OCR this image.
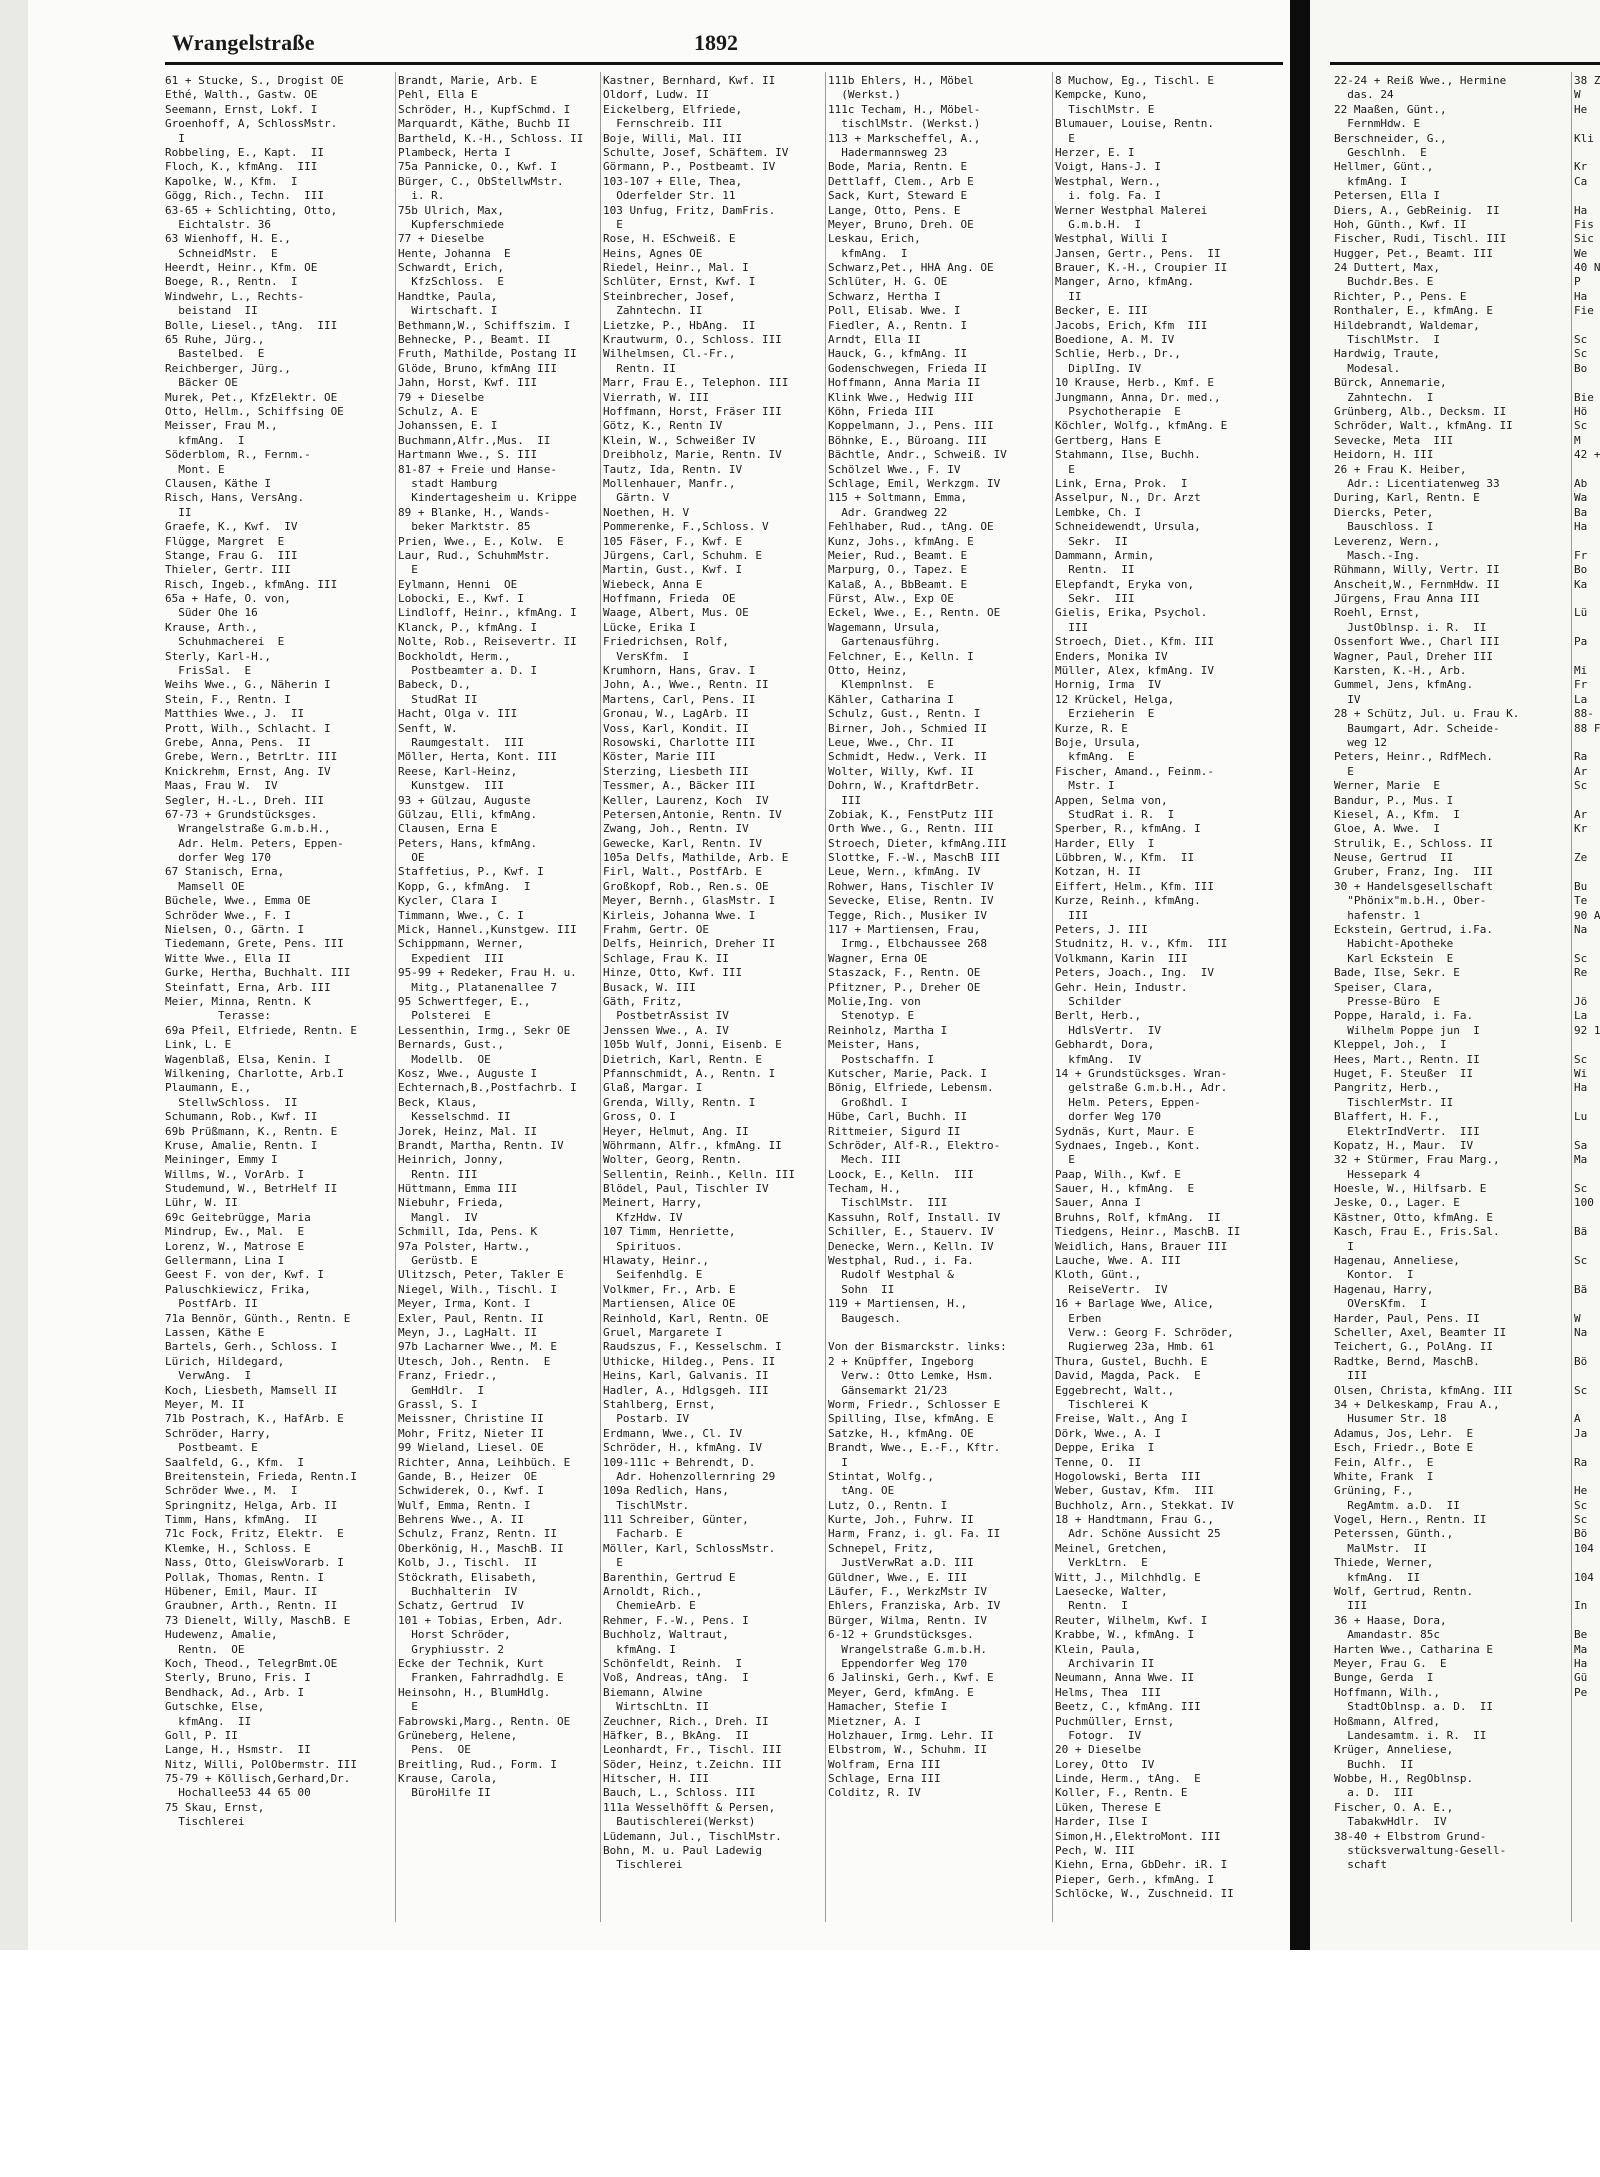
Wrangelstraße	1892
61 + Stucke, S., Drogist OE
Ethé, Walth., Gastw. OE
Seemann, Ernst, Lokf. I
Groenhoff, A, SchlossMstr.
I
Robbeling, E., Kapt.  II
Floch, K., kfmAng.  III
Kapolke, W., Kfm.  I
Gögg, Rich., Techn.  III
63-65 + Schlichting, Otto,
Eichtalstr. 36
63 Wienhoff, H. E.,
SchneidMstr.  E
Heerdt, Heinr., Kfm. OE
Boege, R., Rentn.  I
Windwehr, L., Rechts-
beistand  II
Bolle, Liesel., tAng.  III
65 Ruhe, Jürg.,
Bastelbed.  E
Reichberger, Jürg.,
Bäcker OE
Murek, Pet., KfzElektr. OE
Otto, Hellm., Schiffsing OE
Meisser, Frau M.,
kfmAng.  I
Söderblom, R., Fernm.-
Mont. E
Clausen, Käthe I
Risch, Hans, VersAng.
II
Graefe, K., Kwf.  IV
Flügge, Margret  E
Stange, Frau G.  III
Thieler, Gertr. III
Risch, Ingeb., kfmAng. III
65a + Hafe, O. von,
Süder Ohe 16
Krause, Arth.,
Schuhmacherei  E
Sterly, Karl-H.,
FrisSal.  E
Weihs Wwe., G., Näherin I
Stein, F., Rentn. I
Matthies Wwe., J.  II
Prott, Wilh., Schlacht. I
Grebe, Anna, Pens.  II
Grebe, Wern., BetrLtr. III
Knickrehm, Ernst, Ang. IV
Maas, Frau W.  IV
Segler, H.-L., Dreh. III
67-73 + Grundstücksges.
Wrangelstraße G.m.b.H.,
Adr. Helm. Peters, Eppen-
dorfer Weg 170
67 Stanisch, Erna,
Mamsell OE
Büchele, Wwe., Emma OE
Schröder Wwe., F. I
Nielsen, O., Gärtn. I
Tiedemann, Grete, Pens. III
Witte Wwe., Ella II
Gurke, Hertha, Buchhalt. III
Steinfatt, Erna, Arb. III
Meier, Minna, Rentn. K
Terasse:
69a Pfeil, Elfriede, Rentn. E
Link, L. E
Wagenblaß, Elsa, Kenin. I
Wilkening, Charlotte, Arb.I
Plaumann, E.,
StellwSchloss.  II
Schumann, Rob., Kwf. II
69b Prüßmann, K., Rentn. E
Kruse, Amalie, Rentn. I
Meininger, Emmy I
Willms, W., VorArb. I
Studemund, W., BetrHelf II
Lühr, W. II
69c Geitebrügge, Maria
Mindrup, Ew., Mal.  E
Lorenz, W., Matrose E
Gellermann, Lina I
Geest F. von der, Kwf. I
Paluschkiewicz, Frika,
PostfArb. II
71a Bennör, Günth., Rentn. E
Lassen, Käthe E
Bartels, Gerh., Schloss. I
Lürich, Hildegard,
VerwAng.  I
Koch, Liesbeth, Mamsell II
Meyer, M. II
71b Postrach, K., HafArb. E
Schröder, Harry,
Postbeamt. E
Saalfeld, G., Kfm.  I
Breitenstein, Frieda, Rentn.I
Schröder Wwe., M.  I
Springnitz, Helga, Arb. II
Timm, Hans, kfmAng.  II
71c Fock, Fritz, Elektr.  E
Klemke, H., Schloss. E
Nass, Otto, GleiswVorarb. I
Pollak, Thomas, Rentn. I
Hübener, Emil, Maur. II
Graubner, Arth., Rentn. II
73 Dienelt, Willy, MaschB. E
Hudewenz, Amalie,
Rentn.  OE
Koch, Theod., TelegrBmt.OE
Sterly, Bruno, Fris. I
Bendhack, Ad., Arb. I
Gutschke, Else,
kfmAng.  II
Goll, P. II
Lange, H., Hsmstr.  II
Nitz, Willi, PolObermstr. III
75-79 + Köllisch,Gerhard,Dr.
Hochallee53 44 65 00
75 Skau, Ernst,
Tischlerei
Brandt, Marie, Arb. E
Pehl, Ella E
Schröder, H., KupfSchmd. I
Marquardt, Käthe, Buchb II
Bartheld, K.-H., Schloss. II
Plambeck, Herta I
75a Pannicke, O., Kwf. I
Bürger, C., ObStellwMstr.
i. R.
75b Ulrich, Max,
Kupferschmiede
77 + Dieselbe
Hente, Johanna  E
Schwardt, Erich,
KfzSchloss.  E
Handtke, Paula,
Wirtschaft. I
Bethmann,W., Schiffszim. I
Behnecke, P., Beamt. II
Fruth, Mathilde, Postang II
Glöde, Bruno, kfmAng III
Jahn, Horst, Kwf. III
79 + Dieselbe
Schulz, A. E
Johanssen, E. I
Buchmann,Alfr.,Mus.  II
Hartmann Wwe., S. III
81-87 + Freie und Hanse-
stadt Hamburg
Kindertagesheim u. Krippe
89 + Blanke, H., Wands-
beker Marktstr. 85
Prien, Wwe., E., Kolw.  E
Laur, Rud., SchuhmMstr.
E
Eylmann, Henni  OE
Lobocki, E., Kwf. I
Lindloff, Heinr., kfmAng. I
Klanck, P., kfmAng. I
Nolte, Rob., Reisevertr. II
Bockholdt, Herm.,
Postbeamter a. D. I
Babeck, D.,
StudRat II
Hacht, Olga v. III
Senft, W.
Raumgestalt.  III
Möller, Herta, Kont. III
Reese, Karl-Heinz,
Kunstgew.  III
93 + Gülzau, Auguste
Gülzau, Elli, kfmAng.
Clausen, Erna E
Peters, Hans, kfmAng.
OE
Staffetius, P., Kwf. I
Kopp, G., kfmAng.  I
Kycler, Clara I
Timmann, Wwe., C. I
Mick, Hannel.,Kunstgew. III
Schippmann, Werner,
Expedient  III
95-99 + Redeker, Frau H. u.
Mitg., Platanenallee 7
95 Schwertfeger, E.,
Polsterei  E
Lessenthin, Irmg., Sekr OE
Bernards, Gust.,
Modellb.  OE
Kosz, Wwe., Auguste I
Echternach,B.,Postfachrb. I
Beck, Klaus,
Kesselschmd. II
Jorek, Heinz, Mal. II
Brandt, Martha, Rentn. IV
Heinrich, Jonny,
Rentn. III
Hüttmann, Emma III
Niebuhr, Frieda,
Mangl.  IV
Schmill, Ida, Pens. K
97a Polster, Hartw.,
Gerüstb. E
Ulitzsch, Peter, Takler E
Niegel, Wilh., Tischl. I
Meyer, Irma, Kont. I
Exler, Paul, Rentn. II
Meyn, J., LagHalt. II
97b Lacharner Wwe., M. E
Utesch, Joh., Rentn.  E
Franz, Friedr.,
GemHdlr.  I
Grassl, S. I
Meissner, Christine II
Mohr, Fritz, Nieter II
99 Wieland, Liesel. OE
Richter, Anna, Leihbüch. E
Gande, B., Heizer  OE
Schwiderek, O., Kwf. I
Wulf, Emma, Rentn. I
Behrens Wwe., A. II
Schulz, Franz, Rentn. II
Oberkönig, H., MaschB. II
Kolb, J., Tischl.  II
Stöckrath, Elisabeth,
Buchhalterin  IV
Schatz, Gertrud  IV
101 + Tobias, Erben, Adr.
Horst Schröder,
Gryphiusstr. 2
Ecke der Technik, Kurt
Franken, Fahrradhdlg. E
Heinsohn, H., BlumHdlg.
E
Fabrowski,Marg., Rentn. OE
Grüneberg, Helene,
Pens.  OE
Breitling, Rud., Form. I
Krause, Carola,
BüroHilfe II
Kastner, Bernhard, Kwf. II
Oldorf, Ludw. II
Eickelberg, Elfriede,
Fernschreib. III
Boje, Willi, Mal. III
Schulte, Josef, Schäftem. IV
Görmann, P., Postbeamt. IV
103-107 + Elle, Thea,
Oderfelder Str. 11
103 Unfug, Fritz, DamFris.
E
Rose, H. ESchweiß. E
Heins, Agnes OE
Riedel, Heinr., Mal. I
Schlüter, Ernst, Kwf. I
Steinbrecher, Josef,
Zahntechn. II
Lietzke, P., HbAng.  II
Krautwurm, O., Schloss. III
Wilhelmsen, Cl.-Fr.,
Rentn. II
Marr, Frau E., Telephon. III
Vierrath, W. III
Hoffmann, Horst, Fräser III
Götz, K., Rentn IV
Klein, W., Schweißer IV
Dreibholz, Marie, Rentn. IV
Tautz, Ida, Rentn. IV
Mollenhauer, Manfr.,
Gärtn. V
Noethen, H. V
Pommerenke, F.,Schloss. V
105 Fäser, F., Kwf. E
Jürgens, Carl, Schuhm. E
Martin, Gust., Kwf. I
Wiebeck, Anna E
Hoffmann, Frieda  OE
Waage, Albert, Mus. OE
Lücke, Erika I
Friedrichsen, Rolf,
VersKfm.  I
Krumhorn, Hans, Grav. I
John, A., Wwe., Rentn. II
Martens, Carl, Pens. II
Gronau, W., LagArb. II
Voss, Karl, Kondit. II
Rosowski, Charlotte III
Köster, Marie III
Sterzing, Liesbeth III
Tessmer, A., Bäcker III
Keller, Laurenz, Koch  IV
Petersen,Antonie, Rentn. IV
Zwang, Joh., Rentn. IV
Gewecke, Karl, Rentn. IV
105a Delfs, Mathilde, Arb. E
Firl, Walt., PostfArb. E
Großkopf, Rob., Ren.s. OE
Meyer, Bernh., GlasMstr. I
Kirleis, Johanna Wwe. I
Frahm, Gertr. OE
Delfs, Heinrich, Dreher II
Schlage, Frau K. II
Hinze, Otto, Kwf. III
Busack, W. III
Gäth, Fritz,
PostbetrAssist IV
Jenssen Wwe., A. IV
105b Wulf, Jonni, Eisenb. E
Dietrich, Karl, Rentn. E
Pfannschmidt, A., Rentn. I
Glaß, Margar. I
Grenda, Willy, Rentn. I
Gross, O. I
Heyer, Helmut, Ang. II
Wöhrmann, Alfr., kfmAng. II
Wolter, Georg, Rentn.
Sellentin, Reinh., Kelln. III
Blödel, Paul, Tischler IV
Meinert, Harry,
KfzHdw. IV
107 Timm, Henriette,
Spirituos.
Hlawaty, Heinr.,
Seifenhdlg. E
Volkmer, Fr., Arb. E
Martiensen, Alice OE
Reinhold, Karl, Rentn. OE
Gruel, Margarete I
Raudszus, F., Kesselschm. I
Uthicke, Hildeg., Pens. II
Heins, Karl, Galvanis. II
Hadler, A., Hdlgsgeh. III
Stahlberg, Ernst,
Postarb. IV
Erdmann, Wwe., Cl. IV
Schröder, H., kfmAng. IV
109-111c + Behrendt, D.
Adr. Hohenzollernring 29
109a Redlich, Hans,
TischlMstr.
111 Schreiber, Günter,
Facharb. E
Möller, Karl, SchlossMstr.
E
Barenthin, Gertrud E
Arnoldt, Rich.,
ChemieArb. E
Rehmer, F.-W., Pens. I
Buchholz, Waltraut,
kfmAng. I
Schönfeldt, Reinh.  I
Voß, Andreas, tAng.  I
Biemann, Alwine
WirtschLtn. II
Zeuchner, Rich., Dreh. II
Häfker, B., BkAng.  II
Leonhardt, Fr., Tischl. III
Söder, Heinz, t.Zeichn. III
Hitscher, H. III
Bauch, L., Schloss. III
111a Wesselhöfft & Persen,
Bautischlerei(Werkst)
Lüdemann, Jul., TischlMstr.
Bohn, M. u. Paul Ladewig
Tischlerei
111b Ehlers, H., Möbel
(Werkst.)
111c Techam, H., Möbel-
tischlMstr. (Werkst.)
113 + Markscheffel, A.,
Hadermannsweg 23
Bode, Maria, Rentn. E
Dettlaff, Clem., Arb E
Sack, Kurt, Steward E
Lange, Otto, Pens. E
Meyer, Bruno, Dreh. OE
Leskau, Erich,
kfmAng.  I
Schwarz,Pet., HHA Ang. OE
Schlüter, H. G. OE
Schwarz, Hertha I
Poll, Elisab. Wwe. I
Fiedler, A., Rentn. I
Arndt, Ella II
Hauck, G., kfmAng. II
Godenschwegen, Frieda II
Hoffmann, Anna Maria II
Klink Wwe., Hedwig III
Köhn, Frieda III
Koppelmann, J., Pens. III
Böhnke, E., Büroang. III
Bächtle, Andr., Schweiß. IV
Schölzel Wwe., F. IV
Schlage, Emil, Werkzgm. IV
115 + Soltmann, Emma,
Adr. Grandweg 22
Fehlhaber, Rud., tAng. OE
Kunz, Johs., kfmAng. E
Meier, Rud., Beamt. E
Marpurg, O., Tapez. E
Kalaß, A., BbBeamt. E
Fürst, Alw., Exp OE
Eckel, Wwe., E., Rentn. OE
Wagemann, Ursula,
Gartenausführg.
Felchner, E., Kelln. I
Otto, Heinz,
Klempnlnst.  E
Kähler, Catharina I
Schulz, Gust., Rentn. I
Birner, Joh., Schmied II
Leue, Wwe., Chr. II
Schmidt, Hedw., Verk. II
Wolter, Willy, Kwf. II
Dohrn, W., KraftdrBetr.
III
Zobiak, K., FenstPutz III
Orth Wwe., G., Rentn. III
Stroech, Dieter, kfmAng.III
Slottke, F.-W., MaschB III
Leue, Wern., kfmAng. IV
Rohwer, Hans, Tischler IV
Sevecke, Elise, Rentn. IV
Tegge, Rich., Musiker IV
117 + Martiensen, Frau,
Irmg., Elbchaussee 268
Wagner, Erna OE
Staszack, F., Rentn. OE
Pfitzner, P., Dreher OE
Molie,Ing. von
Stenotyp. E
Reinholz, Martha I
Meister, Hans,
Postschaffn. I
Kutscher, Marie, Pack. I
Bönig, Elfriede, Lebensm.
Großhdl. I
Hübe, Carl, Buchh. II
Rittmeier, Sigurd II
Schröder, Alf-R., Elektro-
Mech. III
Loock, E., Kelln.  III
Techam, H.,
TischlMstr.  III
Kassuhn, Rolf, Install. IV
Schiller, E., Stauerv. IV
Denecke, Wern., Kelln. IV
Westphal, Rud., i. Fa.
Rudolf Westphal &
Sohn  II
119 + Martiensen, H.,
Baugesch.
Von der Bismarckstr. links:
2 + Knüpffer, Ingeborg
Verw.: Otto Lemke, Hsm.
Gänsemarkt 21/23
Worm, Friedr., Schlosser E
Spilling, Ilse, kfmAng. E
Satzke, H., kfmAng. OE
Brandt, Wwe., E.-F., Kftr.
I
Stintat, Wolfg.,
tAng. OE
Lutz, O., Rentn. I
Kurte, Joh., Fuhrw. II
Harm, Franz, i. gl. Fa. II
Schnepel, Fritz,
JustVerwRat a.D. III
Güldner, Wwe., E. III
Läufer, F., WerkzMstr IV
Ehlers, Franziska, Arb. IV
Bürger, Wilma, Rentn. IV
6-12 + Grundstücksges.
Wrangelstraße G.m.b.H.
Eppendorfer Weg 170
6 Jalinski, Gerh., Kwf. E
Meyer, Gerd, kfmAng. E
Hamacher, Stefie I
Mietzner, A. I
Holzhauer, Irmg. Lehr. II
Elbstrom, W., Schuhm. II
Wolfram, Erna III
Schlage, Erna III
Colditz, R. IV
8 Muchow, Eg., Tischl. E
Kempcke, Kuno,
TischlMstr. E
Blumauer, Louise, Rentn.
E
Herzer, E. I
Voigt, Hans-J. I
Westphal, Wern.,
i. folg. Fa. I
Werner Westphal Malerei
G.m.b.H.  I
Westphal, Willi I
Jansen, Gertr., Pens.  II
Brauer, K.-H., Croupier II
Manger, Arno, kfmAng.
II
Becker, E. III
Jacobs, Erich, Kfm  III
Boedione, A. M. IV
Schlie, Herb., Dr.,
DiplIng. IV
10 Krause, Herb., Kmf. E
Jungmann, Anna, Dr. med.,
Psychotherapie  E
Köchler, Wolfg., kfmAng. E
Gertberg, Hans E
Stahmann, Ilse, Buchh.
E
Link, Erna, Prok.  I
Asselpur, N., Dr. Arzt
Lembke, Ch. I
Schneidewendt, Ursula,
Sekr.  II
Dammann, Armin,
Rentn.  II
Elepfandt, Eryka von,
Sekr.  III
Gielis, Erika, Psychol.
III
Stroech, Diet., Kfm. III
Enders, Monika IV
Müller, Alex, kfmAng. IV
Hornig, Irma  IV
12 Krückel, Helga,
Erzieherin  E
Kurze, R. E
Boje, Ursula,
kfmAng.  E
Fischer, Amand., Feinm.-
Mstr. I
Appen, Selma von,
StudRat i. R.  I
Sperber, R., kfmAng. I
Harder, Elly  I
Lübbren, W., Kfm.  II
Kotzan, H. II
Eiffert, Helm., Kfm. III
Kurze, Reinh., kfmAng.
III
Peters, J. III
Studnitz, H. v., Kfm.  III
Volkmann, Karin  III
Peters, Joach., Ing.  IV
Gehr. Hein, Industr.
Schilder
Berlt, Herb.,
HdlsVertr.  IV
Gebhardt, Dora,
kfmAng.  IV
14 + Grundstücksges. Wran-
gelstraße G.m.b.H., Adr.
Helm. Peters, Eppen-
dorfer Weg 170
Sydnäs, Kurt, Maur. E
Sydnaes, Ingeb., Kont.
E
Paap, Wilh., Kwf. E
Sauer, H., kfmAng.  E
Sauer, Anna I
Bruhns, Rolf, kfmAng.  II
Tiedgens, Heinr., MaschB. II
Weidlich, Hans, Brauer III
Lauche, Wwe. A. III
Kloth, Günt.,
ReiseVertr.  IV
16 + Barlage Wwe, Alice,
Erben
Verw.: Georg F. Schröder,
Rugierweg 23a, Hmb. 61
Thura, Gustel, Buchh. E
David, Magda, Pack.  E
Eggebrecht, Walt.,
Tischlerei K
Freise, Walt., Ang I
Dörk, Wwe., A. I
Deppe, Erika  I
Tenne, O.  II
Hogolowski, Berta  III
Weber, Gustav, Kfm.  III
Buchholz, Arn., Stekkat. IV
18 + Handtmann, Frau G.,
Adr. Schöne Aussicht 25
Meinel, Gretchen,
VerkLtrn.  E
Witt, J., Milchhdlg. E
Laesecke, Walter,
Rentn.  I
Reuter, Wilhelm, Kwf. I
Krabbe, W., kfmAng. I
Klein, Paula,
Archivarin II
Neumann, Anna Wwe. II
Helms, Thea  III
Beetz, C., kfmAng. III
Puchmüller, Ernst,
Fotogr.  IV
20 + Dieselbe
Lorey, Otto  IV
Linde, Herm., tAng.  E
Koller, F., Rentn. E
Lüken, Therese E
Harder, Ilse I
Simon,H.,ElektroMont. III
Pech, W. III
Kiehn, Erna, GbDehr. iR. I
Pieper, Gerh., kfmAng. I
Schlöcke, W., Zuschneid. II
22-24 + Reiß Wwe., Hermine
das. 24
22 Maaßen, Günt.,
FernmHdw. E
Berschneider, G.,
Geschlnh.  E
Hellmer, Günt.,
kfmAng. I
Petersen, Ella I
Diers, A., GebReinig.  II
Hoh, Günth., Kwf. II
Fischer, Rudi, Tischl. III
Hugger, Pet., Beamt. III
24 Duttert, Max,
Buchdr.Bes. E
Richter, P., Pens. E
Ronthaler, E., kfmAng. E
Hildebrandt, Waldemar,
TischlMstr.  I
Hardwig, Traute,
Modesal.
Bürck, Annemarie,
Zahntechn.  I
Grünberg, Alb., Decksm. II
Schröder, Walt., kfmAng. II
Sevecke, Meta  III
Heidorn, H. III
26 + Frau K. Heiber,
Adr.: Licentiatenweg 33
During, Karl, Rentn. E
Diercks, Peter,
Bauschloss. I
Leverenz, Wern.,
Masch.-Ing.
Rühmann, Willy, Vertr. II
Anscheit,W., FernmHdw. II
Jürgens, Frau Anna III
Roehl, Ernst,
JustOblnsp. i. R.  II
Ossenfort Wwe., Charl III
Wagner, Paul, Dreher III
Karsten, K.-H., Arb.
Gummel, Jens, kfmAng.
IV
28 + Schütz, Jul. u. Frau K.
Baumgart, Adr. Scheide-
weg 12
Peters, Heinr., RdfMech.
E
Werner, Marie  E
Bandur, P., Mus. I
Kiesel, A., Kfm.  I
Gloe, A. Wwe.  I
Strulik, E., Schloss. II
Neuse, Gertrud  II
Gruber, Franz, Ing.  III
30 + Handelsgesellschaft
"Phönix"m.b.H., Ober-
hafenstr. 1
Eckstein, Gertrud, i.Fa.
Habicht-Apotheke
Karl Eckstein  E
Bade, Ilse, Sekr. E
Speiser, Clara,
Presse-Büro  E
Poppe, Harald, i. Fa.
Wilhelm Poppe jun  I
Kleppel, Joh.,  I
Hees, Mart., Rentn. II
Huget, F. Steußer  II
Pangritz, Herb.,
TischlerMstr. II
Blaffert, H. F.,
ElektrIndVertr.  III
Kopatz, H., Maur.  IV
32 + Stürmer, Frau Marg.,
Hessepark 4
Hoesle, W., Hilfsarb. E
Jeske, O., Lager. E
Kästner, Otto, kfmAng. E
Kasch, Frau E., Fris.Sal.
I
Hagenau, Anneliese,
Kontor.  I
Hagenau, Harry,
OVersKfm.  I
Harder, Paul, Pens. II
Scheller, Axel, Beamter II
Teichert, G., PolAng. II
Radtke, Bernd, MaschB.
III
Olsen, Christa, kfmAng. III
34 + Delkeskamp, Frau A.,
Husumer Str. 18
Adamus, Jos, Lehr.  E
Esch, Friedr., Bote E
Fein, Alfr.,  E
White, Frank  I
Grüning, F.,
RegAmtm. a.D.  II
Vogel, Hern., Rentn. II
Peterssen, Günth.,
MalMstr.  II
Thiede, Werner,
kfmAng.  II
Wolf, Gertrud, Rentn.
III
36 + Haase, Dora,
Amandastr. 85c
Harten Wwe., Catharina E
Meyer, Frau G.  E
Bunge, Gerda  I
Hoffmann, Wilh.,
StadtOblnsp. a. D.  II
Hoßmann, Alfred,
Landesamtm. i. R.  II
Krüger, Anneliese,
Buchh.  II
Wobbe, H., RegOblnsp.
a. D.  III
Fischer, O. A. E.,
TabakwHdlr.  IV
38-40 + Elbstrom Grund-
stücksverwaltung-Gesell-
schaft
38 Z
W
He
Kli
Kr
Ca
Ha
Fis
Sic
We
40 N
P
Ha
Fie
Sc
Sc
Bo
Bie
Hö
Sc
M
42 +
Ab
Wa
Ba
Ha
Fr
Bo
Ka
Lü
Pa
Mi
Fr
La
88-
88 F
Ra
Ar
Sc
Ar
Kr
Ze
Bu
Te
90 A
Na
Sc
Re
Jö
La
92 1
Sc
Wi
Ha
Lu
Sa
Ma
Sc
100
Bä
Sc
Bä
W
Na
Bö
Sc
A
Ja
Ra
He
Sc
Sc
Bö
104
104
In
Be
Ma
Ha
Gü
Pe
